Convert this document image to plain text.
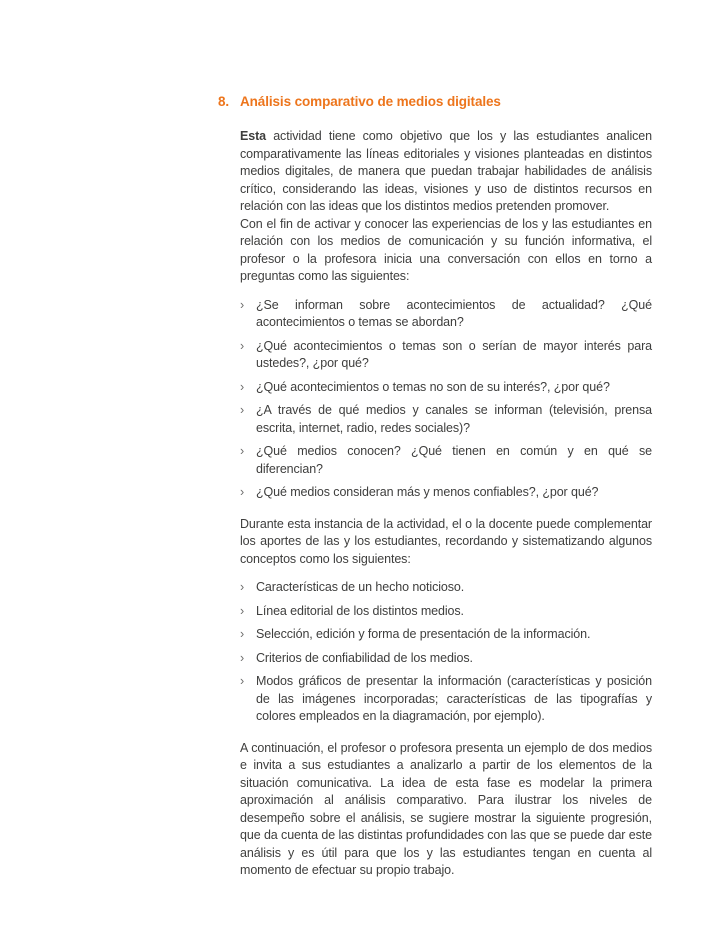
8. Análisis comparativo de medios digitales

Esta actividad tiene como objetivo que los y las estudiantes analicen comparativamente las líneas editoriales y visiones planteadas en distintos medios digitales, de manera que puedan trabajar habilidades de análisis crítico, considerando las ideas, visiones y uso de distintos recursos en relación con las ideas que los distintos medios pretenden promover.

Con el fin de activar y conocer las experiencias de los y las estudiantes en relación con los medios de comunicación y su función informativa, el profesor o la profesora inicia una conversación con ellos en torno a preguntas como las siguientes:

› ¿Se informan sobre acontecimientos de actualidad? ¿Qué acontecimientos o temas se abordan?
› ¿Qué acontecimientos o temas son o serían de mayor interés para ustedes?, ¿por qué?
› ¿Qué acontecimientos o temas no son de su interés?, ¿por qué?
› ¿A través de qué medios y canales se informan (televisión, prensa escrita, internet, radio, redes sociales)?
› ¿Qué medios conocen? ¿Qué tienen en común y en qué se diferencian?
› ¿Qué medios consideran más y menos confiables?, ¿por qué?

Durante esta instancia de la actividad, el o la docente puede complementar los aportes de las y los estudiantes, recordando y sistematizando algunos conceptos como los siguientes:

› Características de un hecho noticioso.
› Línea editorial de los distintos medios.
› Selección, edición y forma de presentación de la información.
› Criterios de confiabilidad de los medios.
› Modos gráficos de presentar la información (características y posición de las imágenes incorporadas; características de las tipografías y colores empleados en la diagramación, por ejemplo).

A continuación, el profesor o profesora presenta un ejemplo de dos medios e invita a sus estudiantes a analizarlo a partir de los elementos de la situación comunicativa. La idea de esta fase es modelar la primera aproximación al análisis comparativo. Para ilustrar los niveles de desempeño sobre el análisis, se sugiere mostrar la siguiente progresión, que da cuenta de las distintas profundidades con las que se puede dar este análisis y es útil para que los y las estudiantes tengan en cuenta al momento de efectuar su propio trabajo.
